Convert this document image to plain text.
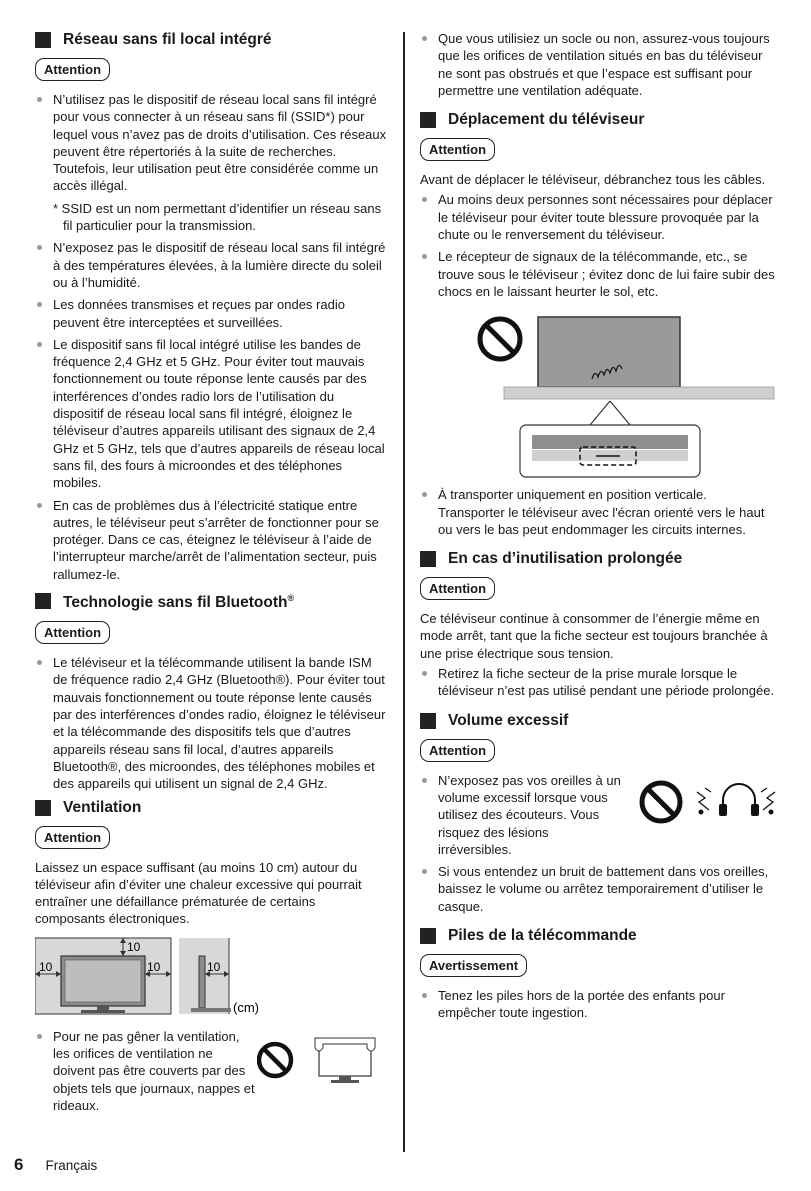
Réseau sans fil local intégré
Attention
N’utilisez pas le dispositif de réseau local sans fil intégré pour vous connecter à un réseau sans fil (SSID*) pour lequel vous n’avez pas de droits d’utilisation. Ces réseaux peuvent être répertoriés à la suite de recherches. Toutefois, leur utilisation peut être considérée comme un accès illégal.
* SSID est un nom permettant d’identifier un réseau sans fil particulier pour la transmission.
N’exposez pas le dispositif de réseau local sans fil intégré à des températures élevées, à la lumière directe du soleil ou à l’humidité.
Les données transmises et reçues par ondes radio peuvent être interceptées et surveillées.
Le dispositif sans fil local intégré utilise les bandes de fréquence 2,4 GHz et 5 GHz. Pour éviter tout mauvais fonctionnement ou toute réponse lente causés par des interférences d’ondes radio lors de l’utilisation du dispositif de réseau local sans fil intégré, éloignez le téléviseur d’autres appareils utilisant des signaux de 2,4 GHz et 5 GHz, tels que d’autres appareils de réseau local sans fil, des fours à microondes et des téléphones mobiles.
En cas de problèmes dus à l’électricité statique entre autres, le téléviseur peut s’arrêter de fonctionner pour se protéger. Dans ce cas, éteignez le téléviseur à l’aide de l’interrupteur marche/arrêt de l’alimentation secteur, puis rallumez-le.
Technologie sans fil Bluetooth®
Attention
Le téléviseur et la télécommande utilisent la bande ISM de fréquence radio 2,4 GHz (Bluetooth®). Pour éviter tout mauvais fonctionnement ou toute réponse lente causés par des interférences d’ondes radio, éloignez le téléviseur et la télécommande des dispositifs tels que d’autres appareils réseau sans fil local, d’autres appareils Bluetooth®, des microondes, des téléphones mobiles et des appareils qui utilisent un signal de 2,4 GHz.
Ventilation
Attention

Laissez un espace suffisant (au moins 10 cm) autour du téléviseur afin d’éviter une chaleur excessive qui pourrait entraîner une défaillance prématurée de certains composants électroniques.

10
10	10	10
(cm)
Pour ne pas gêner la ventilation, les orifices de ventilation ne doivent pas être couverts par des objets tels que journaux, nappes et rideaux.
Que vous utilisiez un socle ou non, assurez-vous toujours que les orifices de ventilation situés en bas du téléviseur ne sont pas obstrués et que l’espace est suffisant pour permettre une ventilation adéquate.
Déplacement du téléviseur
Attention

Avant de déplacer le téléviseur, débranchez tous les câbles.

Au moins deux personnes sont nécessaires pour déplacer le téléviseur pour éviter toute blessure provoquée par la chute ou le renversement du téléviseur.
Le récepteur de signaux de la télécommande, etc., se trouve sous le téléviseur ; évitez donc de lui faire subir des chocs en le laissant heurter le sol, etc.
À transporter uniquement en position verticale. Transporter le téléviseur avec l'écran orienté vers le haut ou vers le bas peut endommager les circuits internes.
En cas d’inutilisation prolongée
Attention

Ce téléviseur continue à consommer de l’énergie même en mode arrêt, tant que la fiche secteur est toujours branchée à une prise électrique sous tension.

Retirez la fiche secteur de la prise murale lorsque le téléviseur n’est pas utilisé pendant une période prolongée.
Volume excessif
Attention
N’exposez pas vos oreilles à un volume excessif lorsque vous utilisez des écouteurs. Vous risquez des lésions irréversibles.
Si vous entendez un bruit de battement dans vos oreilles, baissez le volume ou arrêtez temporairement d’utiliser le casque.
Piles de la télécommande
Avertissement
Tenez les piles hors de la portée des enfants pour empêcher toute ingestion.
6 Français
